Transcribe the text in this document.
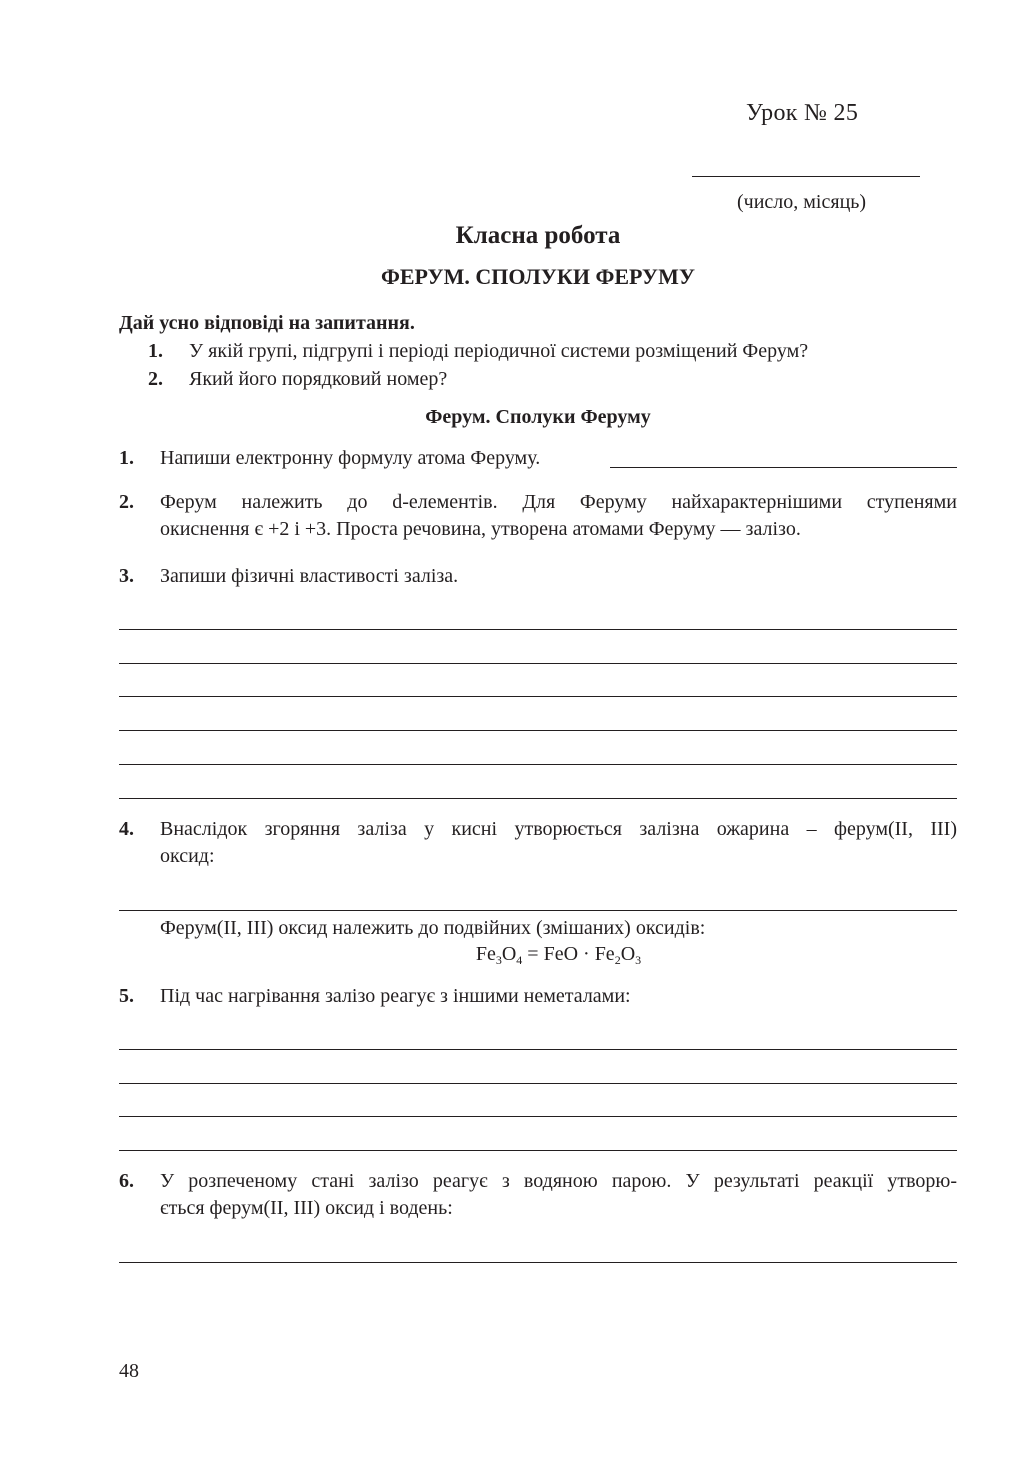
Урок № 25
(число, місяць)
Класна робота
ФЕРУМ. СПОЛУКИ ФЕРУМУ
Дай усно відповіді на запитання.
1. У якій групі, підгрупі і періоді періодичної системи розміщений Ферум?
2. Який його порядковий номер?
Ферум. Сполуки Феруму
1. Напиши електронну формулу атома Феруму.
2. Ферум належить до d-елементів. Для Феруму найхарактернішими ступенями
окиснення є +2 і +3. Проста речовина, утворена атомами Феруму — залізо.
3. Запиши фізичні властивості заліза.
4. Внаслідок згоряння заліза у кисні утворюється залізна ожарина – ферум(ІІ, ІІІ)
оксид:
Ферум(ІІ, ІІІ) оксид належить до подвійних (змішаних) оксидів:
$Fe_3O_4$ = FeO · $Fe_2O_3$
5. Під час нагрівання залізо реагує з іншими неметалами:
6. У розпеченому стані залізо реагує з водяною парою. У результаті реакції утворю-
ється ферум(ІІ, ІІІ) оксид і водень:
48
